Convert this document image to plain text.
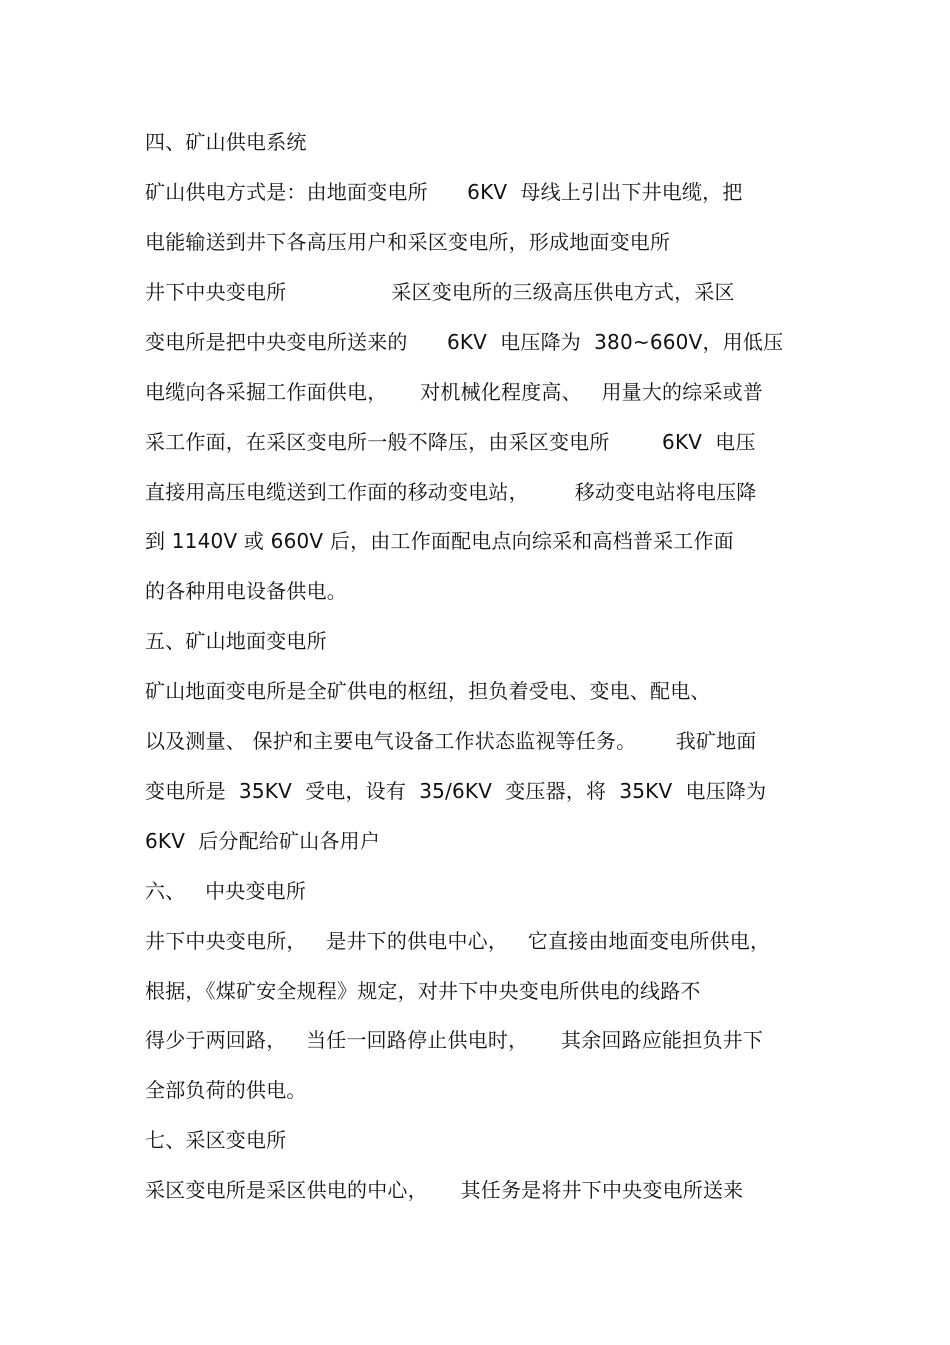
四、矿山供电系统
矿山供电方式是：由地面变电所      6KV  母线上引出下井电缆，把
电能输送到井下各高压用户和采区变电所，形成地面变电所
井下中央变电所                采区变电所的三级高压供电方式，采区
变电所是把中央变电所送来的      6KV  电压降为  380~660V，用低压
电缆向各采掘工作面供电，     对机械化程度高、   用量大的综采或普
采工作面，在采区变电所一般不降压，由采区变电所        6KV  电压
直接用高压电缆送到工作面的移动变电站，       移动变电站将电压降
到 1140V 或 660V 后，由工作面配电点向综采和高档普采工作面
的各种用电设备供电。
五、矿山地面变电所
矿山地面变电所是全矿供电的枢纽，担负着受电、变电、配电、
以及测量、 保护和主要电气设备工作状态监视等任务。      我矿地面
变电所是  35KV  受电，设有  35/6KV  变压器，将  35KV  电压降为
6KV  后分配给矿山各用户
六、   中央变电所
井下中央变电所，   是井下的供电中心，   它直接由地面变电所供电，
根据，《煤矿安全规程》规定，对井下中央变电所供电的线路不
得少于两回路，   当任一回路停止供电时，     其余回路应能担负井下
全部负荷的供电。
七、采区变电所
采区变电所是采区供电的中心，     其任务是将井下中央变电所送来
